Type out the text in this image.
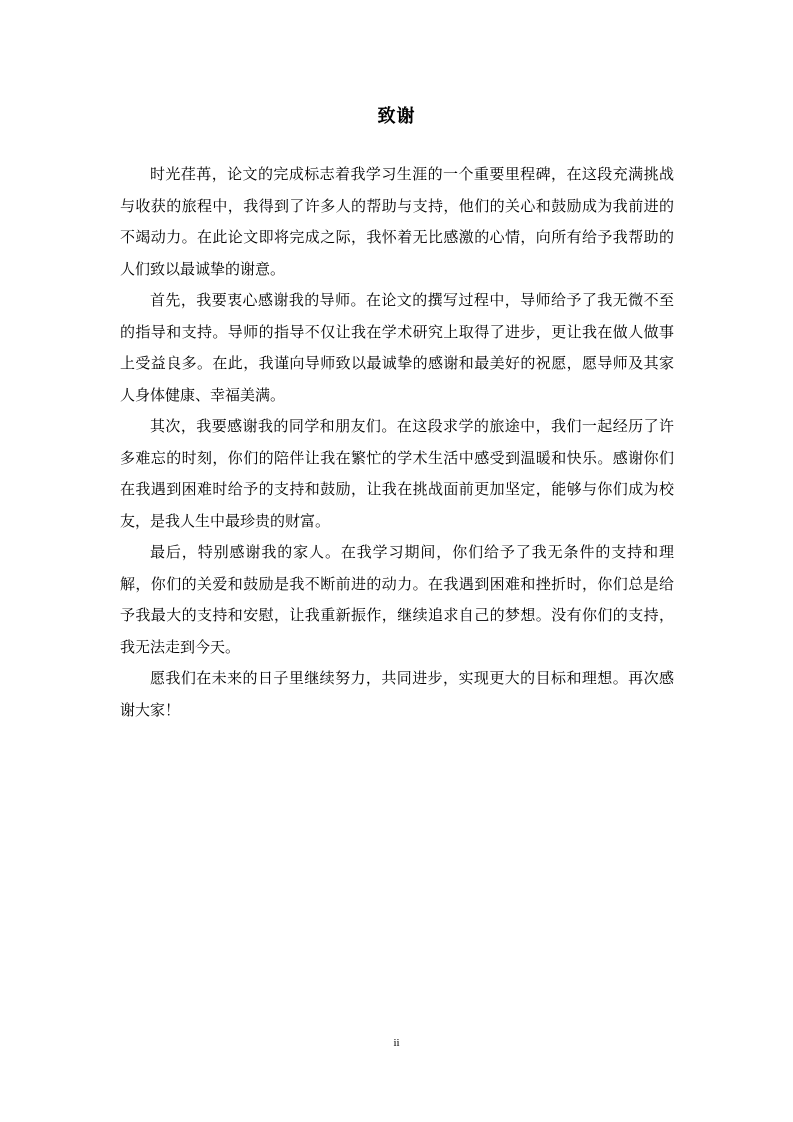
致谢

时光荏苒，论文的完成标志着我学习生涯的一个重要里程碑，在这段充满挑战与收获的旅程中，我得到了许多人的帮助与支持，他们的关心和鼓励成为我前进的不竭动力。在此论文即将完成之际，我怀着无比感激的心情，向所有给予我帮助的人们致以最诚挚的谢意。

首先，我要衷心感谢我的导师。在论文的撰写过程中，导师给予了我无微不至的指导和支持。导师的指导不仅让我在学术研究上取得了进步，更让我在做人做事上受益良多。在此，我谨向导师致以最诚挚的感谢和最美好的祝愿，愿导师及其家人身体健康、幸福美满。

其次，我要感谢我的同学和朋友们。在这段求学的旅途中，我们一起经历了许多难忘的时刻，你们的陪伴让我在繁忙的学术生活中感受到温暖和快乐。感谢你们在我遇到困难时给予的支持和鼓励，让我在挑战面前更加坚定，能够与你们成为校友，是我人生中最珍贵的财富。

最后，特别感谢我的家人。在我学习期间，你们给予了我无条件的支持和理解，你们的关爱和鼓励是我不断前进的动力。在我遇到困难和挫折时，你们总是给予我最大的支持和安慰，让我重新振作，继续追求自己的梦想。没有你们的支持，我无法走到今天。

愿我们在未来的日子里继续努力，共同进步，实现更大的目标和理想。再次感谢大家！

ii
